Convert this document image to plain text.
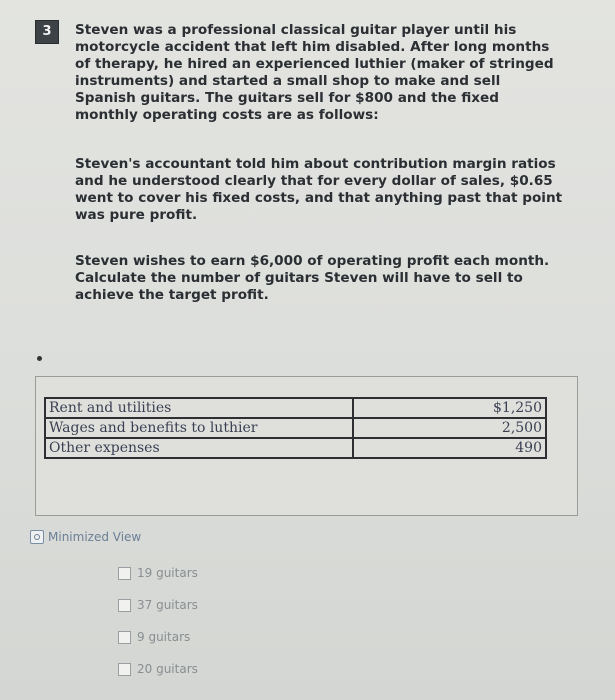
3	Steven was a professional classical guitar player until his motorcycle accident that left him disabled. After long months of therapy, he hired an experienced luthier (maker of stringed instruments) and started a small shop to make and sell Spanish guitars. The guitars sell for $800 and the fixed monthly operating costs are as follows:

Steven's accountant told him about contribution margin ratios and he understood clearly that for every dollar of sales, $0.65 went to cover his fixed costs, and that anything past that point was pure profit.

Steven wishes to earn $6,000 of operating profit each month. Calculate the number of guitars Steven will have to sell to achieve the target profit.

Rent and utilities	$1,250
Wages and benefits to luthier	2,500
Other expenses	490
Minimized View
19 guitars
37 guitars
9 guitars
20 guitars
